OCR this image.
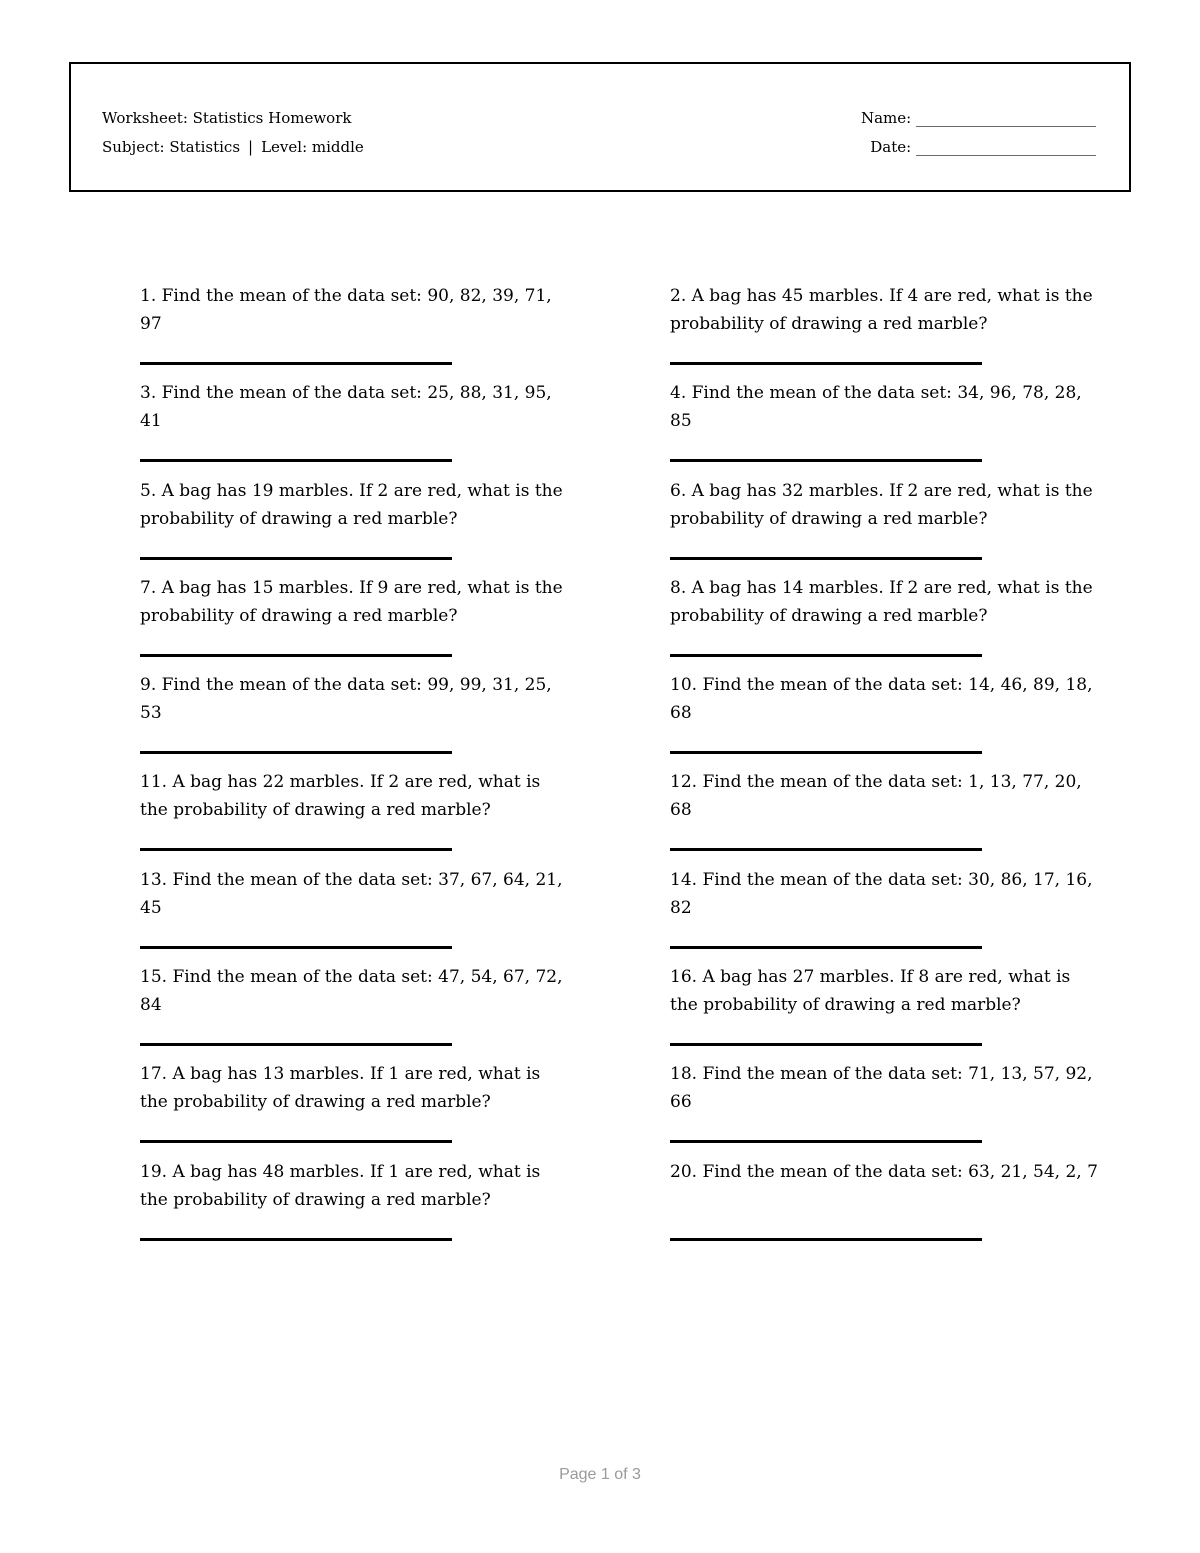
Worksheet: Statistics Homework
Subject: Statistics | Level: middle
Name: ________________________
Date: ________________________
1. Find the mean of the data set: 90, 82, 39, 71, 97
2. A bag has 45 marbles. If 4 are red, what is the probability of drawing a red marble?
3. Find the mean of the data set: 25, 88, 31, 95, 41
4. Find the mean of the data set: 34, 96, 78, 28, 85
5. A bag has 19 marbles. If 2 are red, what is the probability of drawing a red marble?
6. A bag has 32 marbles. If 2 are red, what is the probability of drawing a red marble?
7. A bag has 15 marbles. If 9 are red, what is the probability of drawing a red marble?
8. A bag has 14 marbles. If 2 are red, what is the probability of drawing a red marble?
9. Find the mean of the data set: 99, 99, 31, 25, 53
10. Find the mean of the data set: 14, 46, 89, 18, 68
11. A bag has 22 marbles. If 2 are red, what is the probability of drawing a red marble?
12. Find the mean of the data set: 1, 13, 77, 20, 68
13. Find the mean of the data set: 37, 67, 64, 21, 45
14. Find the mean of the data set: 30, 86, 17, 16, 82
15. Find the mean of the data set: 47, 54, 67, 72, 84
16. A bag has 27 marbles. If 8 are red, what is the probability of drawing a red marble?
17. A bag has 13 marbles. If 1 are red, what is the probability of drawing a red marble?
18. Find the mean of the data set: 71, 13, 57, 92, 66
19. A bag has 48 marbles. If 1 are red, what is the probability of drawing a red marble?
20. Find the mean of the data set: 63, 21, 54, 2, 7
Page 1 of 3
